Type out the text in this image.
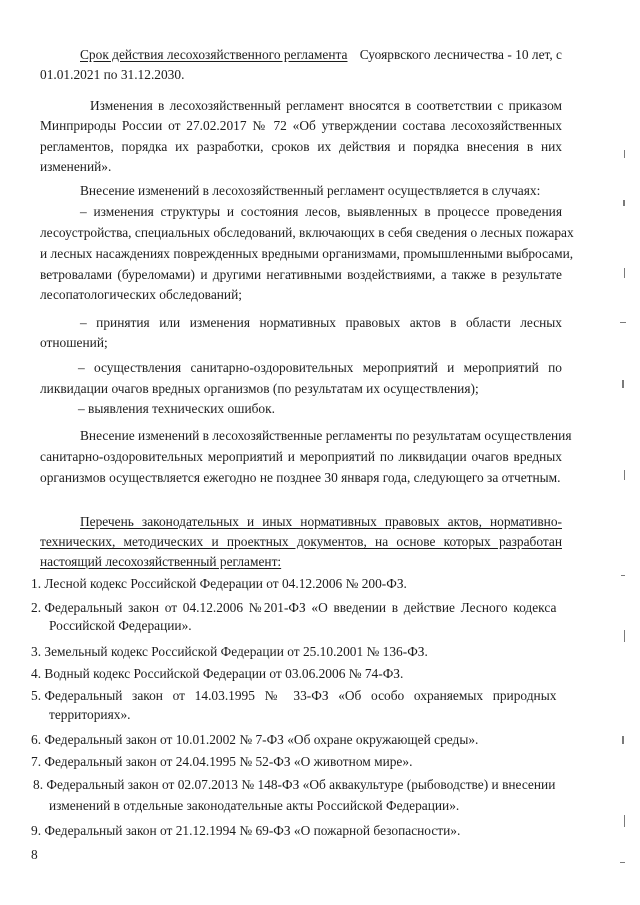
Срок действия лесохозяйственного регламента Суоярвского лесничества - 10 лет, с
01.01.2021 по 31.12.2030.
Изменения в лесохозяйственный регламент вносятся в соответствии с приказом
Минприроды России от 27.02.2017 № 72 «Об утверждении состава лесохозяйственных
регламентов, порядка их разработки, сроков их действия и порядка внесения в них
изменений».
Внесение изменений в лесохозяйственный регламент осуществляется в случаях:
– изменения структуры и состояния лесов, выявленных в процессе проведения
лесоустройства, специальных обследований, включающих в себя сведения о лесных пожарах
и лесных насаждениях поврежденных вредными организмами, промышленными выбросами,
ветровалами (буреломами) и другими негативными воздействиями, а также в результате
лесопатологических обследований;
– принятия или изменения нормативных правовых актов в области лесных
отношений;
– осуществления санитарно-оздоровительных мероприятий и мероприятий по
ликвидации очагов вредных организмов (по результатам их осуществления);
– выявления технических ошибок.
Внесение изменений в лесохозяйственные регламенты по результатам осуществления
санитарно-оздоровительных мероприятий и мероприятий по ликвидации очагов вредных
организмов осуществляется ежегодно не позднее 30 января года, следующего за отчетным.
Перечень законодательных и иных нормативных правовых актов, нормативно-
технических, методических и проектных документов, на основе которых разработан
настоящий лесохозяйственный регламент:
1. Лесной кодекс Российской Федерации от 04.12.2006 № 200-ФЗ.
2. Федеральный закон от 04.12.2006 №201-ФЗ «О введении в действие Лесного кодекса
Российской Федерации».
3. Земельный кодекс Российской Федерации от 25.10.2001 № 136-ФЗ.
4. Водный кодекс Российской Федерации от 03.06.2006 № 74-ФЗ.
5. Федеральный закон от 14.03.1995 № 33-ФЗ «Об особо охраняемых природных
территориях».
6. Федеральный закон от 10.01.2002 № 7-ФЗ «Об охране окружающей среды».
7. Федеральный закон от 24.04.1995 № 52-ФЗ «О животном мире».
8. Федеральный закон от 02.07.2013 № 148-ФЗ «Об аквакультуре (рыбоводстве) и внесении
изменений в отдельные законодательные акты Российской Федерации».
9. Федеральный закон от 21.12.1994 № 69-ФЗ «О пожарной безопасности».
8
